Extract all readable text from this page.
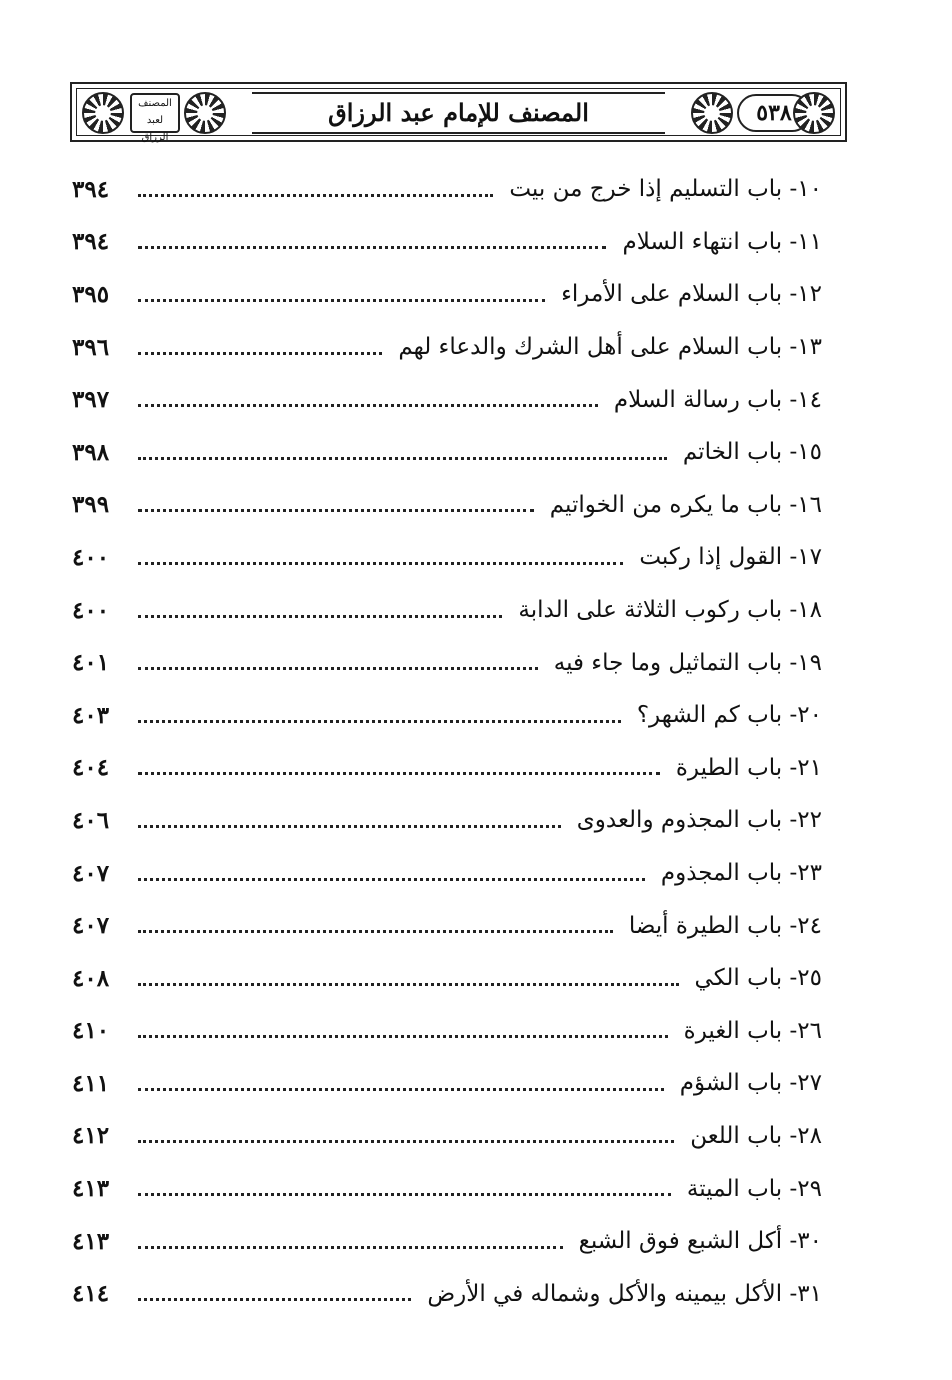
المصنف لعبد الرزاق
المصنف للإمام عبد الرزاق	٥٣٨
١٠- باب التسليم إذا خرج من بيت
٣٩٤
١١- باب انتهاء السلام
٣٩٤
١٢- باب السلام على الأمراء
٣٩٥
١٣- باب السلام على أهل الشرك والدعاء لهم
٣٩٦
١٤- باب رسالة السلام
٣٩٧
١٥- باب الخاتم
٣٩٨
١٦- باب ما يكره من الخواتيم
٣٩٩
١٧- القول إذا ركبت
٤٠٠
١٨- باب ركوب الثلاثة على الدابة
٤٠٠
١٩- باب التماثيل وما جاء فيه
٤٠١
٢٠- باب كم الشهر؟
٤٠٣
٢١- باب الطيرة
٤٠٤
٢٢- باب المجذوم والعدوى
٤٠٦
٢٣- باب المجذوم
٤٠٧
٢٤- باب الطيرة أيضا
٤٠٧
٢٥- باب الكي
٤٠٨
٢٦- باب الغيرة
٤١٠
٢٧- باب الشؤم
٤١١
٢٨- باب اللعن
٤١٢
٢٩- باب الميتة
٤١٣
٣٠- أكل الشبع فوق الشبع
٤١٣
٣١- الأكل بيمينه والأكل وشماله في الأرض
٤١٤
